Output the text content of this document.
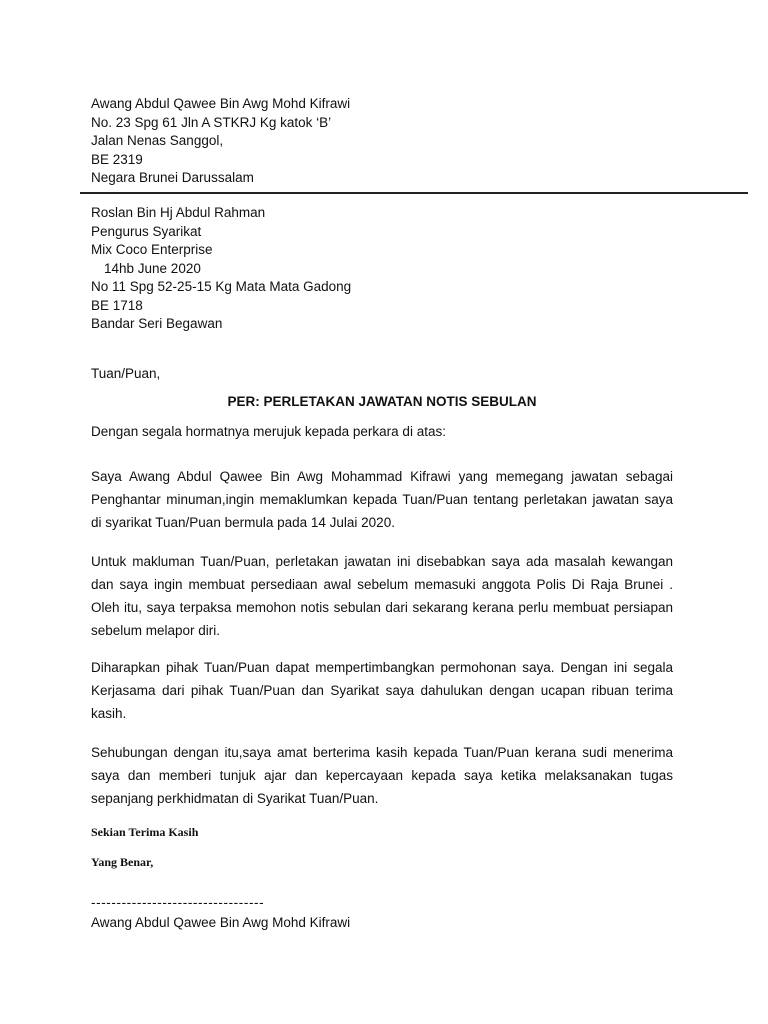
Awang Abdul Qawee Bin Awg Mohd Kifrawi
No. 23 Spg 61 Jln A STKRJ Kg katok ‘B’
Jalan Nenas Sanggol,
BE 2319
Negara Brunei Darussalam
Roslan Bin Hj Abdul Rahman
Pengurus Syarikat
Mix Coco Enterprise
14hb June 2020
No 11 Spg 52-25-15 Kg Mata Mata Gadong
BE 1718
Bandar Seri Begawan
Tuan/Puan,
PER: PERLETAKAN JAWATAN NOTIS SEBULAN
Dengan segala hormatnya merujuk kepada perkara di atas:
Saya Awang Abdul Qawee Bin Awg Mohammad Kifrawi yang memegang jawatan sebagai Penghantar minuman,ingin memaklumkan kepada Tuan/Puan tentang perletakan jawatan saya di syarikat Tuan/Puan bermula pada 14 Julai 2020.
Untuk makluman Tuan/Puan, perletakan jawatan ini disebabkan saya ada masalah kewangan dan saya ingin membuat persediaan awal sebelum memasuki anggota Polis Di Raja Brunei . Oleh itu, saya terpaksa memohon notis sebulan dari sekarang kerana perlu membuat persiapan sebelum melapor diri.
Diharapkan pihak Tuan/Puan dapat mempertimbangkan permohonan saya. Dengan ini segala Kerjasama dari pihak Tuan/Puan dan Syarikat saya dahulukan dengan ucapan ribuan terima kasih.
Sehubungan dengan itu,saya amat berterima kasih kepada Tuan/Puan kerana sudi menerima saya dan memberi tunjuk ajar dan kepercayaan kepada saya ketika melaksanakan tugas sepanjang perkhidmatan di Syarikat Tuan/Puan.
Sekian Terima Kasih
Yang Benar,
----------------------------------
Awang Abdul Qawee Bin Awg Mohd Kifrawi
